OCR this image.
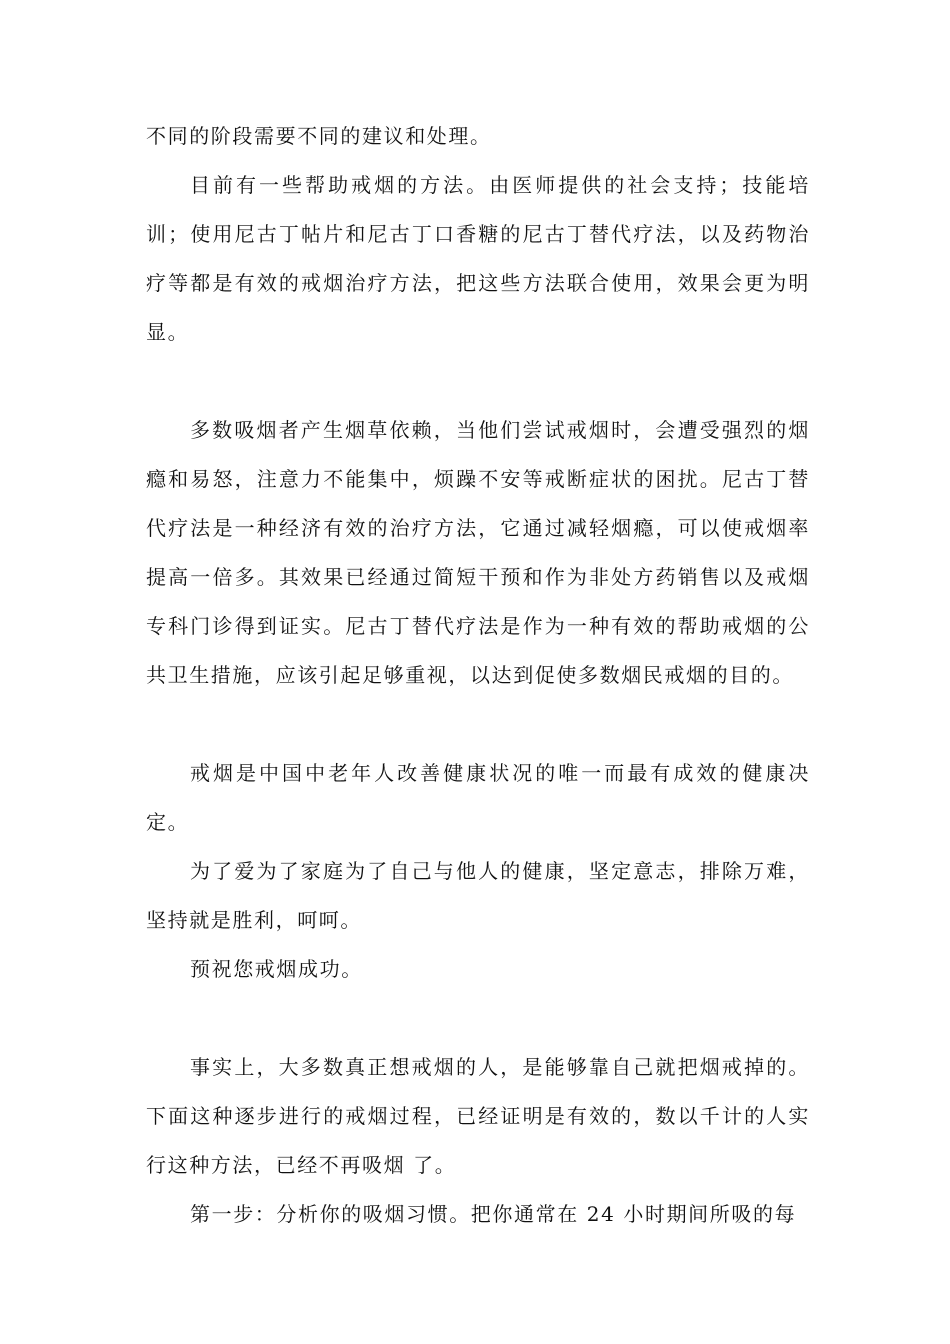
不同的阶段需要不同的建议和处理。

目前有一些帮助戒烟的方法。由医师提供的社会支持；技能培训；使用尼古丁帖片和尼古丁口香糖的尼古丁替代疗法，以及药物治疗等都是有效的戒烟治疗方法，把这些方法联合使用，效果会更为明显。

多数吸烟者产生烟草依赖，当他们尝试戒烟时，会遭受强烈的烟瘾和易怒，注意力不能集中，烦躁不安等戒断症状的困扰。尼古丁替代疗法是一种经济有效的治疗方法，它通过减轻烟瘾，可以使戒烟率提高一倍多。其效果已经通过简短干预和作为非处方药销售以及戒烟专科门诊得到证实。尼古丁替代疗法是作为一种有效的帮助戒烟的公共卫生措施，应该引起足够重视，以达到促使多数烟民戒烟的目的。

戒烟是中国中老年人改善健康状况的唯一而最有成效的健康决定。

为了爱为了家庭为了自己与他人的健康，坚定意志，排除万难，坚持就是胜利，呵呵。

预祝您戒烟成功。

事实上，大多数真正想戒烟的人，是能够靠自己就把烟戒掉的。下面这种逐步进行的戒烟过程，已经证明是有效的，数以千计的人实行这种方法，已经不再吸烟 了。

第一步：分析你的吸烟习惯。把你通常在 24 小时期间所吸的每
